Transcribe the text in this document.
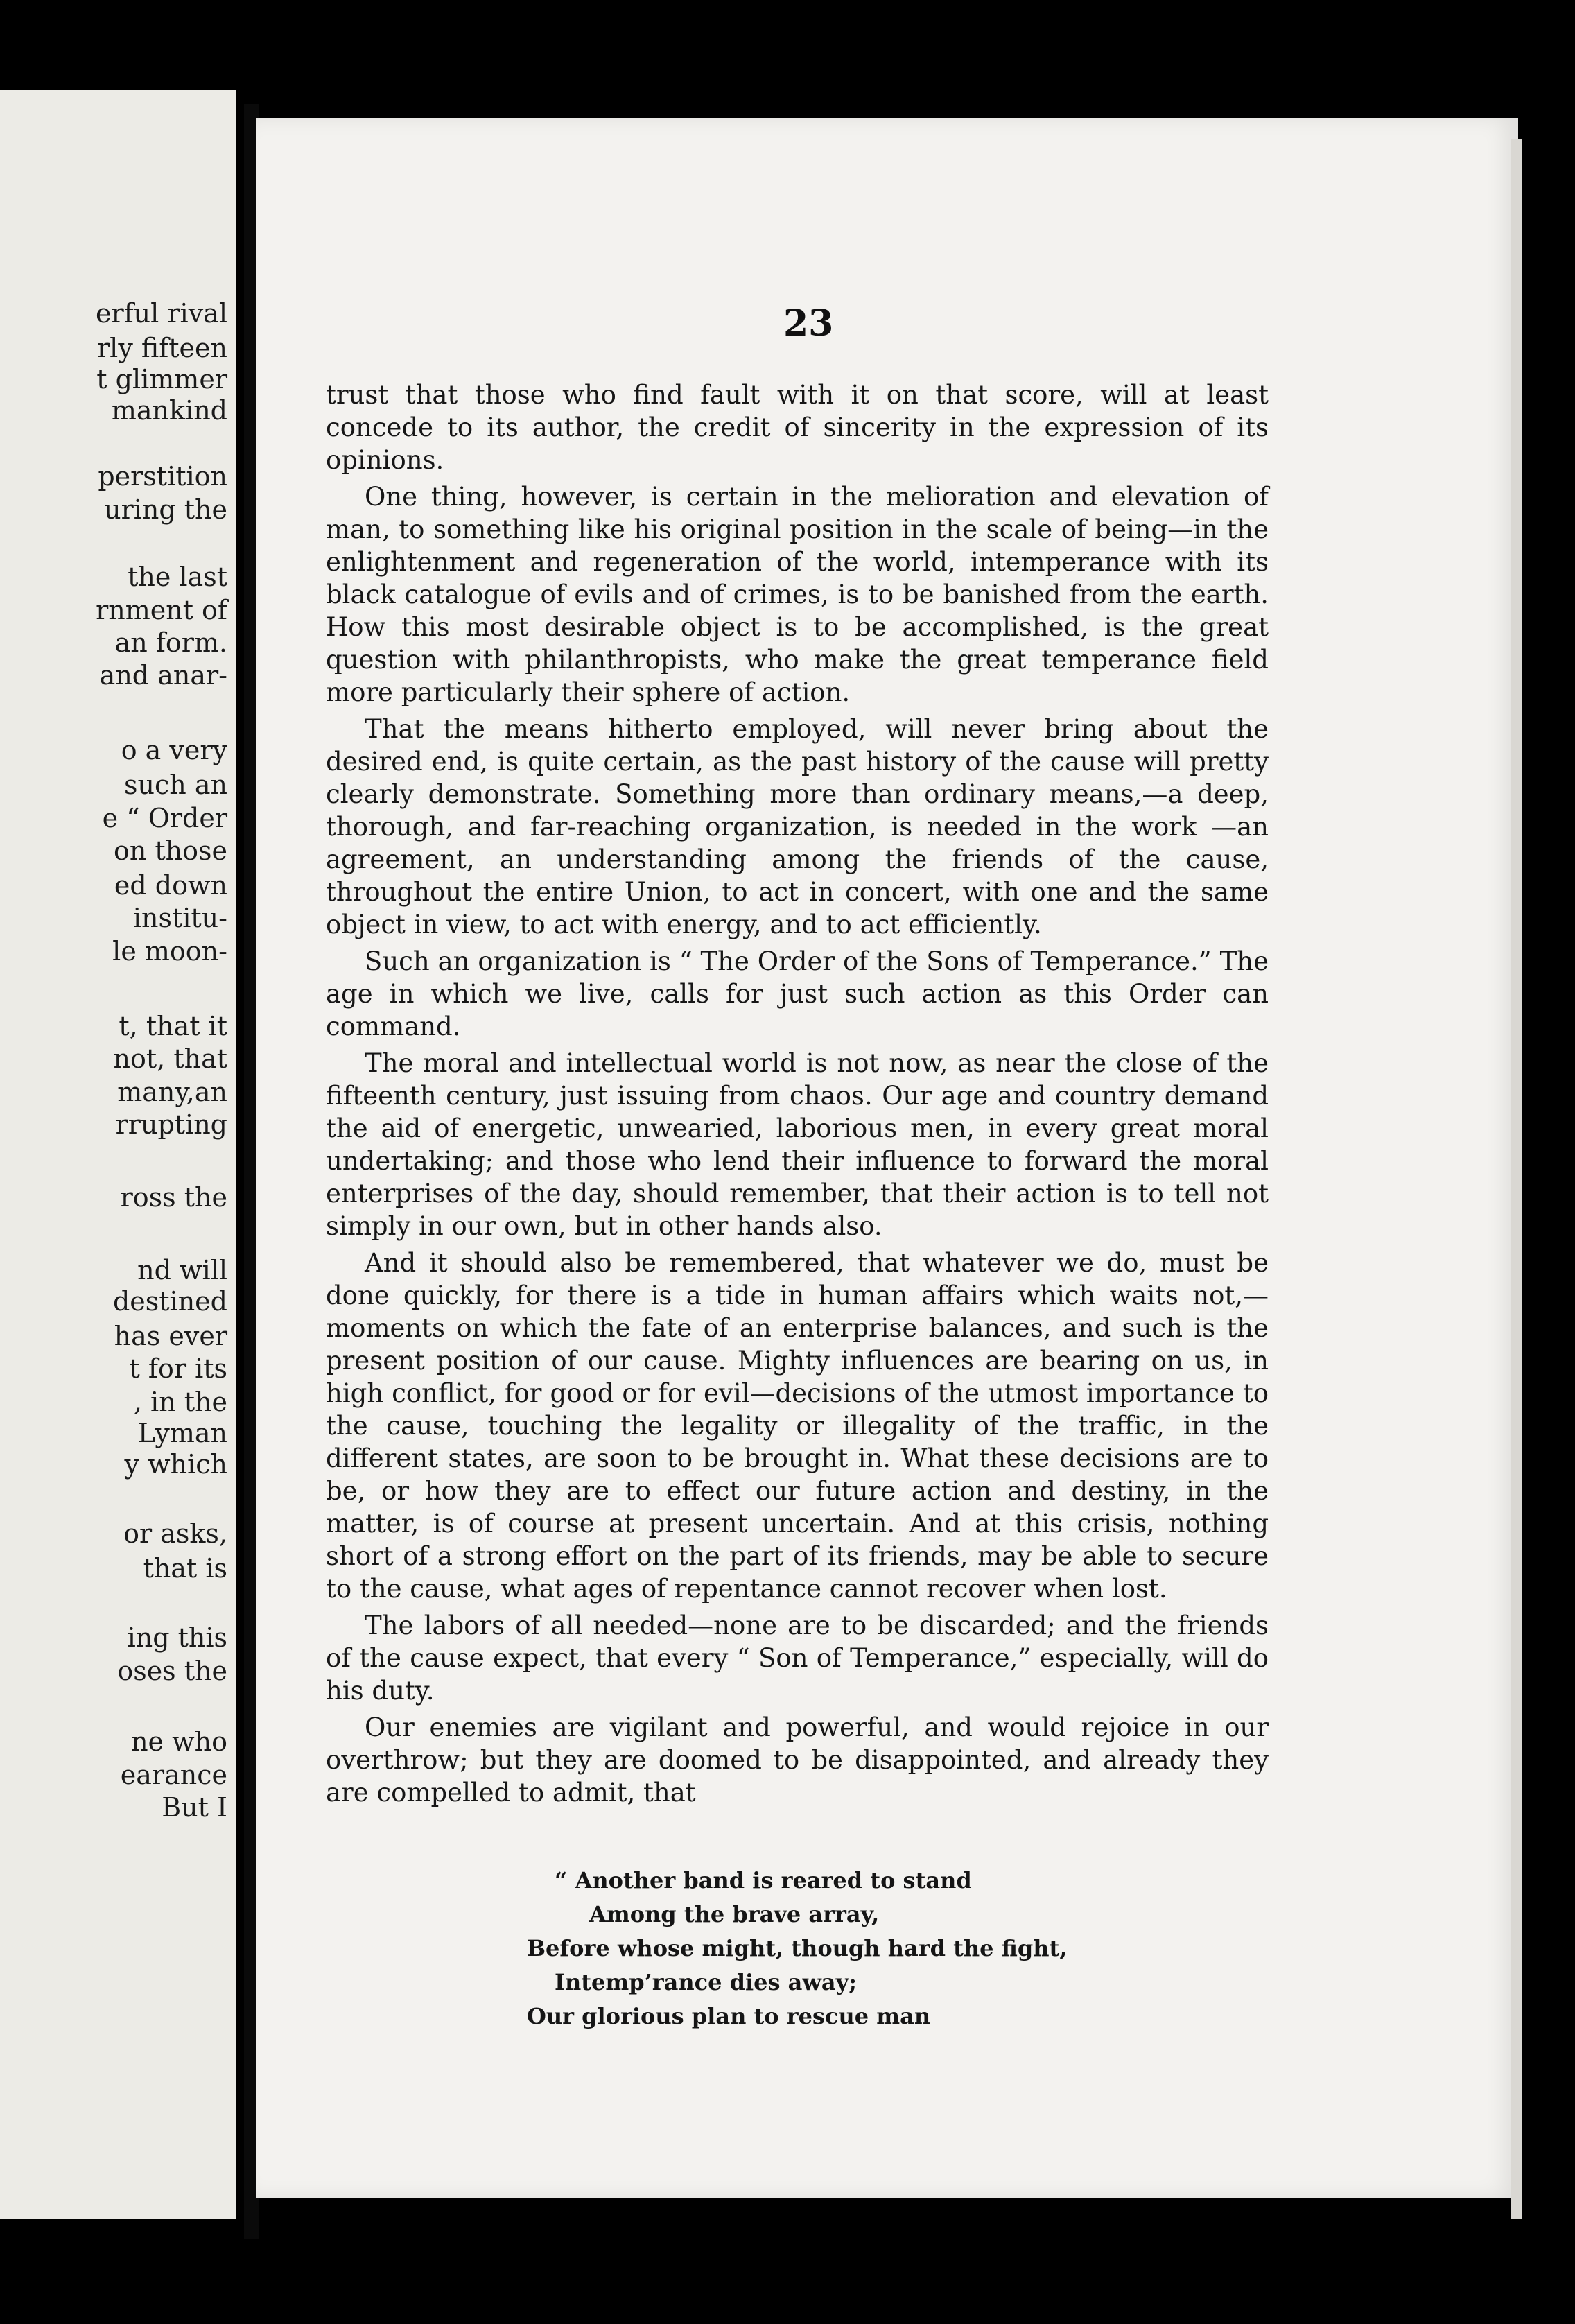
erful rival
rly fifteen
t glimmer
mankind
perstition
uring the
the last
rnment of
an form.
and anar-
o a very
such an
e “ Order
on those
ed down
institu-
le moon-
t, that it
not, that
many,an
rrupting
ross the
nd will
destined
has ever
t for its
, in the
Lyman
y which
or asks,
that is
ing this
oses the
ne who
earance
But I
23

trust that those who find fault with it on that score, will at least concede to its author, the credit of sincerity in the expression of its opinions.

One thing, however, is certain in the melioration and elevation of man, to something like his original position in the scale of being—in the enlightenment and regeneration of the world, intemperance with its black catalogue of evils and of crimes, is to be banished from the earth. How this most desirable object is to be accomplished, is the great question with philanthropists, who make the great temperance field more particularly their sphere of action.

That the means hitherto employed, will never bring about the desired end, is quite certain, as the past history of the cause will pretty clearly demonstrate. Something more than ordinary means,—a deep, thorough, and far-reaching organization, is needed in the work —an agreement, an understanding among the friends of the cause, throughout the entire Union, to act in concert, with one and the same object in view, to act with energy, and to act efficiently.

Such an organization is “ The Order of the Sons of Temperance.” The age in which we live, calls for just such action as this Order can command.

The moral and intellectual world is not now, as near the close of the fifteenth century, just issuing from chaos. Our age and country demand the aid of energetic, unwearied, laborious men, in every great moral undertaking; and those who lend their influence to forward the moral enterprises of the day, should remember, that their action is to tell not simply in our own, but in other hands also.

And it should also be remembered, that whatever we do, must be done quickly, for there is a tide in human affairs which waits not,—moments on which the fate of an enterprise balances, and such is the present position of our cause. Mighty influences are bearing on us, in high conflict, for good or for evil—decisions of the utmost importance to the cause, touching the legality or illegality of the traffic, in the different states, are soon to be brought in. What these decisions are to be, or how they are to effect our future action and destiny, in the matter, is of course at present uncertain. And at this crisis, nothing short of a strong effort on the part of its friends, may be able to secure to the cause, what ages of repentance cannot recover when lost.

The labors of all needed—none are to be discarded; and the friends of the cause expect, that every “ Son of Temperance,” especially, will do his duty.

Our enemies are vigilant and powerful, and would rejoice in our overthrow; but they are doomed to be disappointed, and already they are compelled to admit, that

“ Another band is reared to stand
Among the brave array,
Before whose might, though hard the fight,
Intemp’rance dies away;
Our glorious plan to rescue man
